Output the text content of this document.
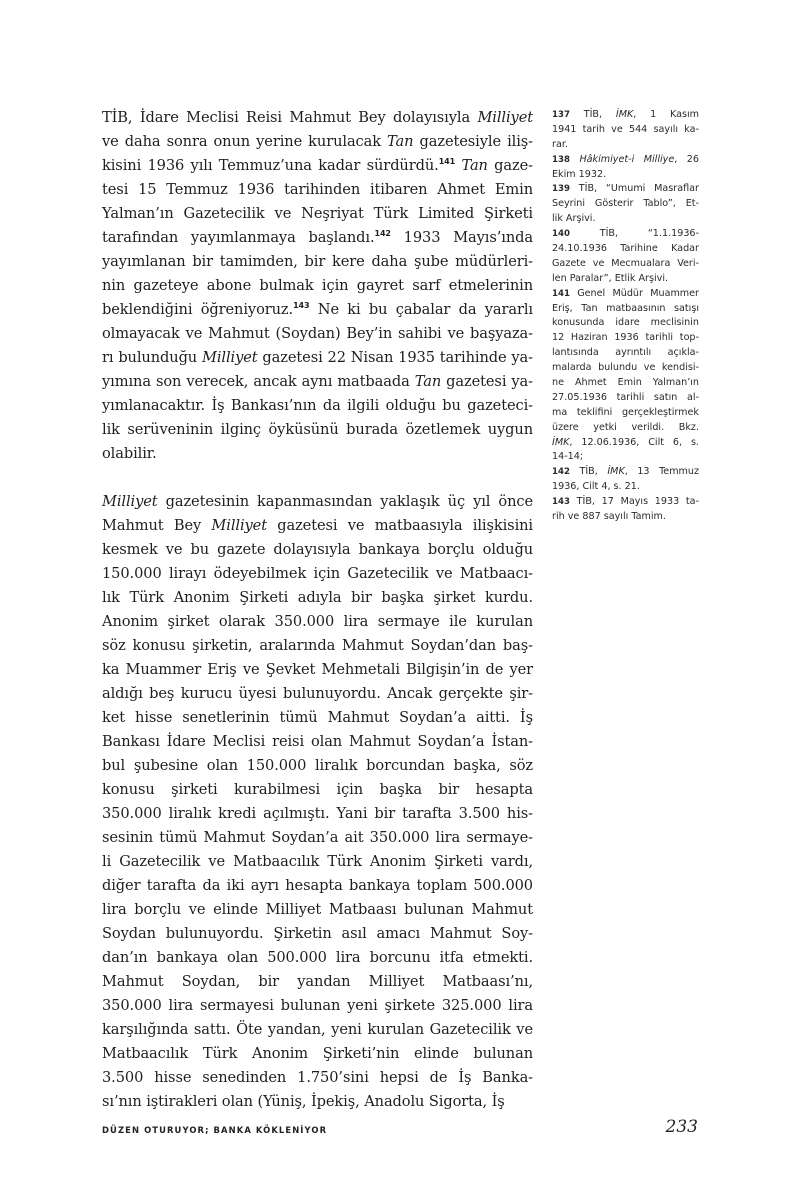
TİB, İdare Meclisi Reisi Mahmut Bey dolayısıyla Milliyet
ve daha sonra onun yerine kurulacak Tan gazetesiyle iliş-
kisini 1936 yılı Temmuz’una kadar sürdürdü.$^{141}$ Tan gaze-
tesi 15 Temmuz 1936 tarihinden itibaren Ahmet Emin
Yalman’ın Gazetecilik ve Neşriyat Türk Limited Şirketi
tarafından yayımlanmaya başlandı.$^{142}$ 1933 Mayıs’ında
yayımlanan bir tamimden, bir kere daha şube müdürleri-
nin gazeteye abone bulmak için gayret sarf etmelerinin
beklendiğini öğreniyoruz.$^{143}$ Ne ki bu çabalar da yararlı
olmayacak ve Mahmut (Soydan) Bey’in sahibi ve başyaza-
rı bulunduğu Milliyet gazetesi 22 Nisan 1935 tarihinde ya-
yımına son verecek, ancak aynı matbaada Tan gazetesi ya-
yımlanacaktır. İş Bankası’nın da ilgili olduğu bu gazeteci-
lik serüveninin ilginç öyküsünü burada özetlemek uygun
olabilir.
Milliyet gazetesinin kapanmasından yaklaşık üç yıl önce
Mahmut Bey Milliyet gazetesi ve matbaasıyla ilişkisini
kesmek ve bu gazete dolayısıyla bankaya borçlu olduğu
150.000 lirayı ödeyebilmek için Gazetecilik ve Matbaacı-
lık Türk Anonim Şirketi adıyla bir başka şirket kurdu.
Anonim şirket olarak 350.000 lira sermaye ile kurulan
söz konusu şirketin, aralarında Mahmut Soydan’dan baş-
ka Muammer Eriş ve Şevket Mehmetali Bilgişin’in de yer
aldığı beş kurucu üyesi bulunuyordu. Ancak gerçekte şir-
ket hisse senetlerinin tümü Mahmut Soydan’a aitti. İş
Bankası İdare Meclisi reisi olan Mahmut Soydan’a İstan-
bul şubesine olan 150.000 liralık borcundan başka, söz
konusu şirketi kurabilmesi için başka bir hesapta
350.000 liralık kredi açılmıştı. Yani bir tarafta 3.500 his-
sesinin tümü Mahmut Soydan’a ait 350.000 lira sermaye-
li Gazetecilik ve Matbaacılık Türk Anonim Şirketi vardı,
diğer tarafta da iki ayrı hesapta bankaya toplam 500.000
lira borçlu ve elinde Milliyet Matbaası bulunan Mahmut
Soydan bulunuyordu. Şirketin asıl amacı Mahmut Soy-
dan’ın bankaya olan 500.000 lira borcunu itfa etmekti.
Mahmut Soydan, bir yandan Milliyet Matbaası’nı,
350.000 lira sermayesi bulunan yeni şirkete 325.000 lira
karşılığında sattı. Öte yandan, yeni kurulan Gazetecilik ve
Matbaacılık Türk Anonim Şirketi’nin elinde bulunan
3.500 hisse senedinden 1.750’sini hepsi de İş Banka-
sı’nın iştirakleri olan (Yüniş, İpekiş, Anadolu Sigorta, İş
137 TİB, İMK, 1 Kasım
1941 tarih ve 544 sayılı ka-
rar.
138 Hâkimiyet-i Milliye, 26
Ekim 1932.
139 TİB, “Umumi Masraflar
Seyrini Gösterir Tablo”, Et-
lik Arşivi.
140 TİB, “1.1.1936-
24.10.1936 Tarihine Kadar
Gazete ve Mecmualara Veri-
len Paralar”, Etlik Arşivi.
141 Genel Müdür Muammer
Eriş, Tan matbaasının satışı
konusunda idare meclisinin
12 Haziran 1936 tarihli top-
lantısında ayrıntılı açıkla-
malarda bulundu ve kendisi-
ne Ahmet Emin Yalman’ın
27.05.1936 tarihli satın al-
ma teklifini gerçekleştirmek
üzere yetki verildi. Bkz.
İMK, 12.06.1936, Cilt 6, s.
14-14;
142 TİB, İMK, 13 Temmuz
1936, Cilt 4, s. 21.
143 TİB, 17 Mayıs 1933 ta-
rih ve 887 sayılı Tamim.
DÜZEN OTURUYOR; BANKA KÖKLENİYOR	233
